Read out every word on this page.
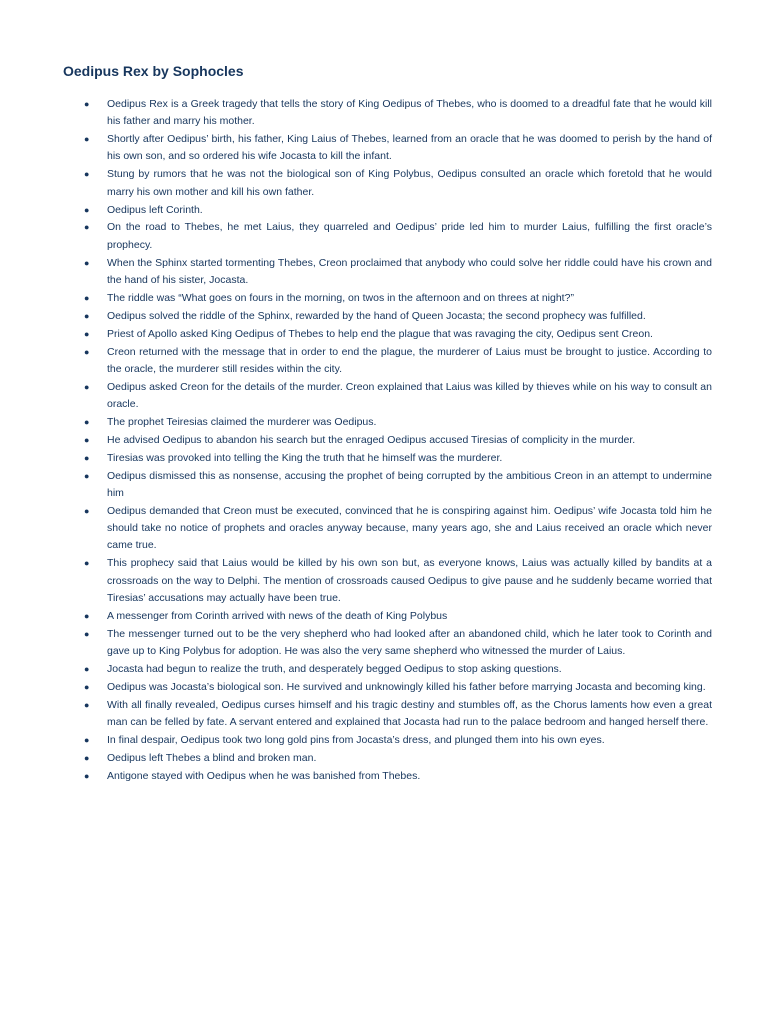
Oedipus Rex by Sophocles
● Oedipus Rex is a Greek tragedy that tells the story of King Oedipus of Thebes, who is doomed to a dreadful fate that he would kill his father and marry his mother.
● Shortly after Oedipus’ birth, his father, King Laius of Thebes, learned from an oracle that he was doomed to perish by the hand of his own son, and so ordered his wife Jocasta to kill the infant.
● Stung by rumors that he was not the biological son of King Polybus, Oedipus consulted an oracle which foretold that he would marry his own mother and kill his own father.
● Oedipus left Corinth.
● On the road to Thebes, he met Laius, they quarreled and Oedipus’ pride led him to murder Laius, fulfilling the first oracle’s prophecy.
● When the Sphinx started tormenting Thebes, Creon proclaimed that anybody who could solve her riddle could have his crown and the hand of his sister, Jocasta.
● The riddle was “What goes on fours in the morning, on twos in the afternoon and on threes at night?”
● Oedipus solved the riddle of the Sphinx, rewarded by the hand of Queen Jocasta; the second prophecy was fulfilled.
● Priest of Apollo asked King Oedipus of Thebes to help end the plague that was ravaging the city, Oedipus sent Creon.
● Creon returned with the message that in order to end the plague, the murderer of Laius must be brought to justice. According to the oracle, the murderer still resides within the city.
● Oedipus asked Creon for the details of the murder. Creon explained that Laius was killed by thieves while on his way to consult an oracle.
● The prophet Teiresias claimed the murderer was Oedipus.
● He advised Oedipus to abandon his search but the enraged Oedipus accused Tiresias of complicity in the murder.
● Tiresias was provoked into telling the King the truth that he himself was the murderer.
● Oedipus dismissed this as nonsense, accusing the prophet of being corrupted by the ambitious Creon in an attempt to undermine him
● Oedipus demanded that Creon must be executed, convinced that he is conspiring against him. Oedipus’ wife Jocasta told him he should take no notice of prophets and oracles anyway because, many years ago, she and Laius received an oracle which never came true.
● This prophecy said that Laius would be killed by his own son but, as everyone knows, Laius was actually killed by bandits at a crossroads on the way to Delphi. The mention of crossroads caused Oedipus to give pause and he suddenly became worried that Tiresias’ accusations may actually have been true.
● A messenger from Corinth arrived with news of the death of King Polybus
● The messenger turned out to be the very shepherd who had looked after an abandoned child, which he later took to Corinth and gave up to King Polybus for adoption. He was also the very same shepherd who witnessed the murder of Laius.
● Jocasta had begun to realize the truth, and desperately begged Oedipus to stop asking questions.
● Oedipus was Jocasta’s biological son. He survived and unknowingly killed his father before marrying Jocasta and becoming king.
● With all finally revealed, Oedipus curses himself and his tragic destiny and stumbles off, as the Chorus laments how even a great man can be felled by fate. A servant entered and explained that Jocasta had run to the palace bedroom and hanged herself there.
● In final despair, Oedipus took two long gold pins from Jocasta’s dress, and plunged them into his own eyes.
● Oedipus left Thebes a blind and broken man.
● Antigone stayed with Oedipus when he was banished from Thebes.
